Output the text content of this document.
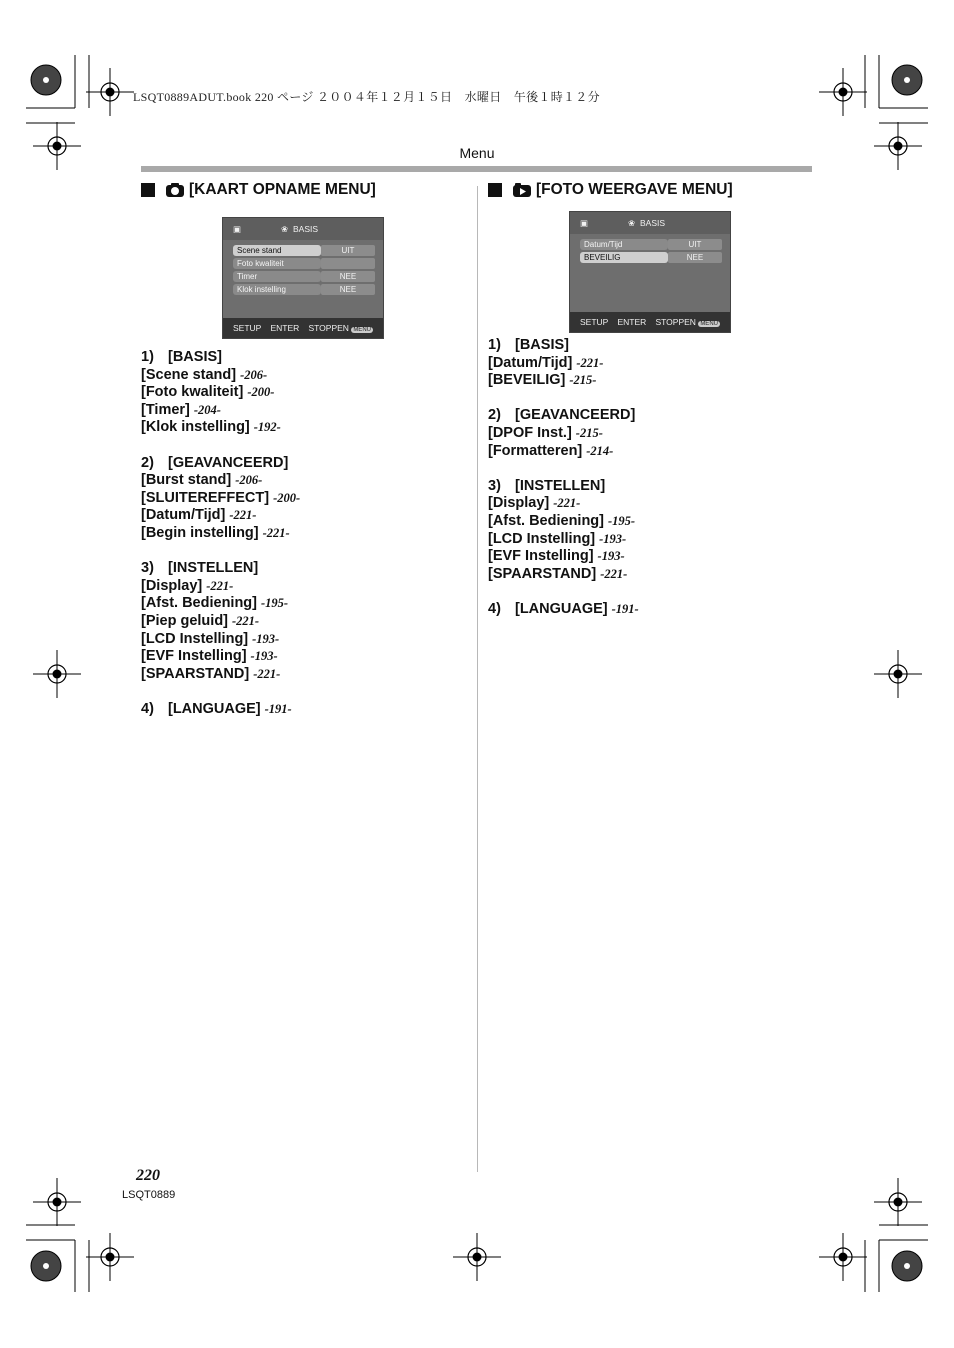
LSQT0889ADUT.book 220 ページ ２００４年１２月１５日　水曜日　午後１時１２分
Menu
[KAART OPNAME MENU]
▣	❀ BASIS
Scene stand	UIT
Foto kwaliteit
Timer	NEE
Klok instelling	NEE
SETUP ENTER STOPPEN MENU
1) [BASIS]
[Scene stand] -206-
[Foto kwaliteit] -200-
[Timer] -204-
[Klok instelling] -192-
2) [GEAVANCEERD]
[Burst stand] -206-
[SLUITEREFFECT] -200-
[Datum/Tijd] -221-
[Begin instelling] -221-
3) [INSTELLEN]
[Display] -221-
[Afst. Bediening] -195-
[Piep geluid] -221-
[LCD Instelling] -193-
[EVF Instelling] -193-
[SPAARSTAND] -221-
4) [LANGUAGE] -191-
[FOTO WEERGAVE MENU]
▣	❀ BASIS
Datum/Tijd	UIT
BEVEILIG	NEE
SETUP ENTER STOPPEN MENU
1) [BASIS]
[Datum/Tijd] -221-
[BEVEILIG] -215-
2) [GEAVANCEERD]
[DPOF Inst.] -215-
[Formatteren] -214-
3) [INSTELLEN]
[Display] -221-
[Afst. Bediening] -195-
[LCD Instelling] -193-
[EVF Instelling] -193-
[SPAARSTAND] -221-
4) [LANGUAGE] -191-
220
LSQT0889
